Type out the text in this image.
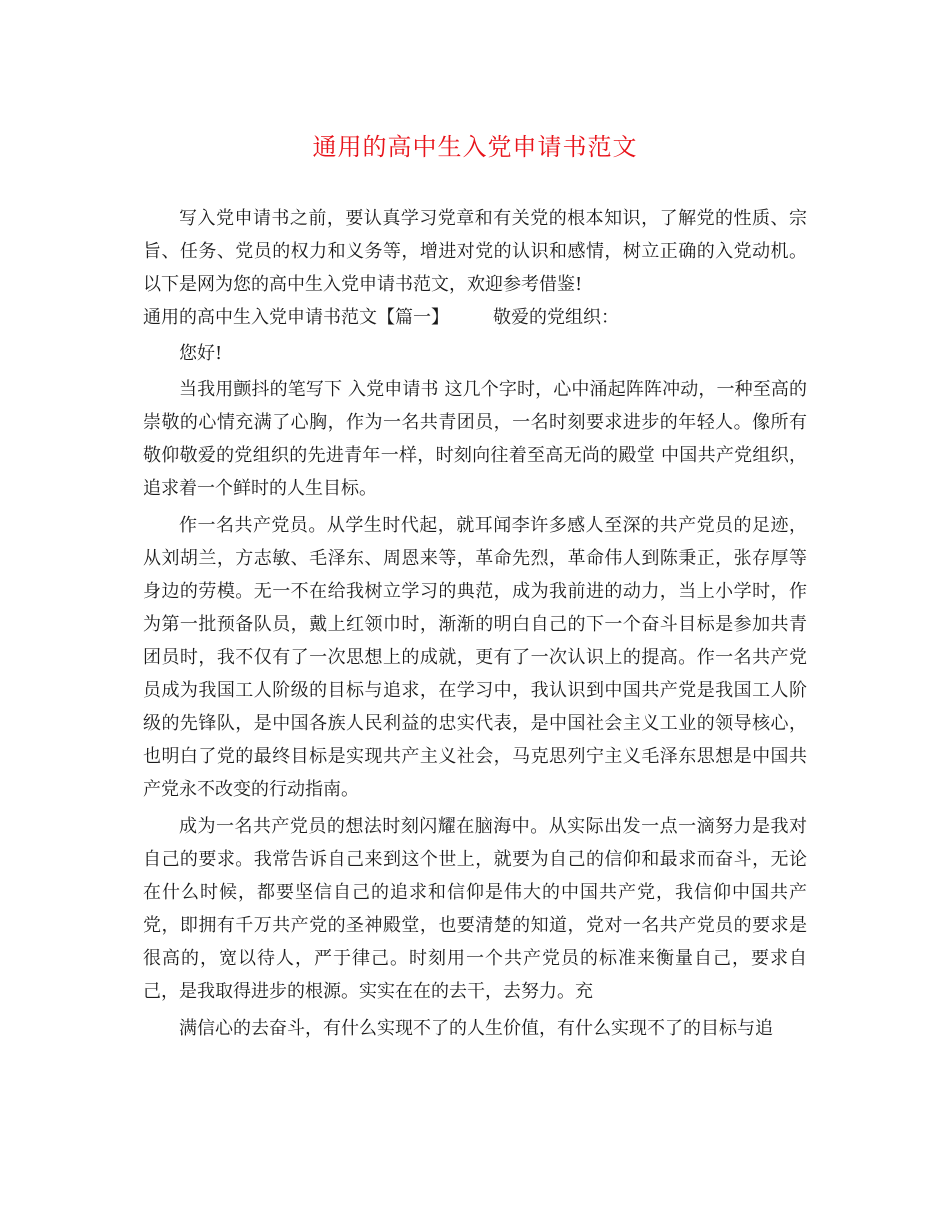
通用的高中生入党申请书范文

写入党申请书之前，要认真学习党章和有关党的根本知识，了解党的性质、宗旨、任务、党员的权力和义务等，增进对党的认识和感情，树立正确的入党动机。以下是网为您的高中生入党申请书范文，欢迎参考借鉴!

通用的高中生入党申请书范文【篇一】 敬爱的党组织：

您好!

当我用颤抖的笔写下 入党申请书 这几个字时，心中涌起阵阵冲动，一种至高的崇敬的心情充满了心胸，作为一名共青团员，一名时刻要求进步的年轻人。像所有敬仰敬爱的党组织的先进青年一样，时刻向往着至高无尚的殿堂 中国共产党组织，追求着一个鲜时的人生目标。

作一名共产党员。从学生时代起，就耳闻李许多感人至深的共产党员的足迹，从刘胡兰，方志敏、毛泽东、周恩来等，革命先烈，革命伟人到陈秉正，张存厚等身边的劳模。无一不在给我树立学习的典范，成为我前进的动力，当上小学时，作为第一批预备队员，戴上红领巾时，渐渐的明白自己的下一个奋斗目标是参加共青团员时，我不仅有了一次思想上的成就，更有了一次认识上的提高。作一名共产党员成为我国工人阶级的目标与追求，在学习中，我认识到中国共产党是我国工人阶级的先锋队，是中国各族人民利益的忠实代表，是中国社会主义工业的领导核心，也明白了党的最终目标是实现共产主义社会，马克思列宁主义毛泽东思想是中国共产党永不改变的行动指南。

成为一名共产党员的想法时刻闪耀在脑海中。从实际出发一点一滴努力是我对自己的要求。我常告诉自己来到这个世上，就要为自己的信仰和最求而奋斗，无论在什么时候，都要坚信自己的追求和信仰是伟大的中国共产党，我信仰中国共产党，即拥有千万共产党的圣神殿堂，也要清楚的知道，党对一名共产党员的要求是很高的，宽以待人，严于律己。时刻用一个共产党员的标准来衡量自己，要求自己，是我取得进步的根源。实实在在的去干，去努力。充

满信心的去奋斗，有什么实现不了的人生价值，有什么实现不了的目标与追
